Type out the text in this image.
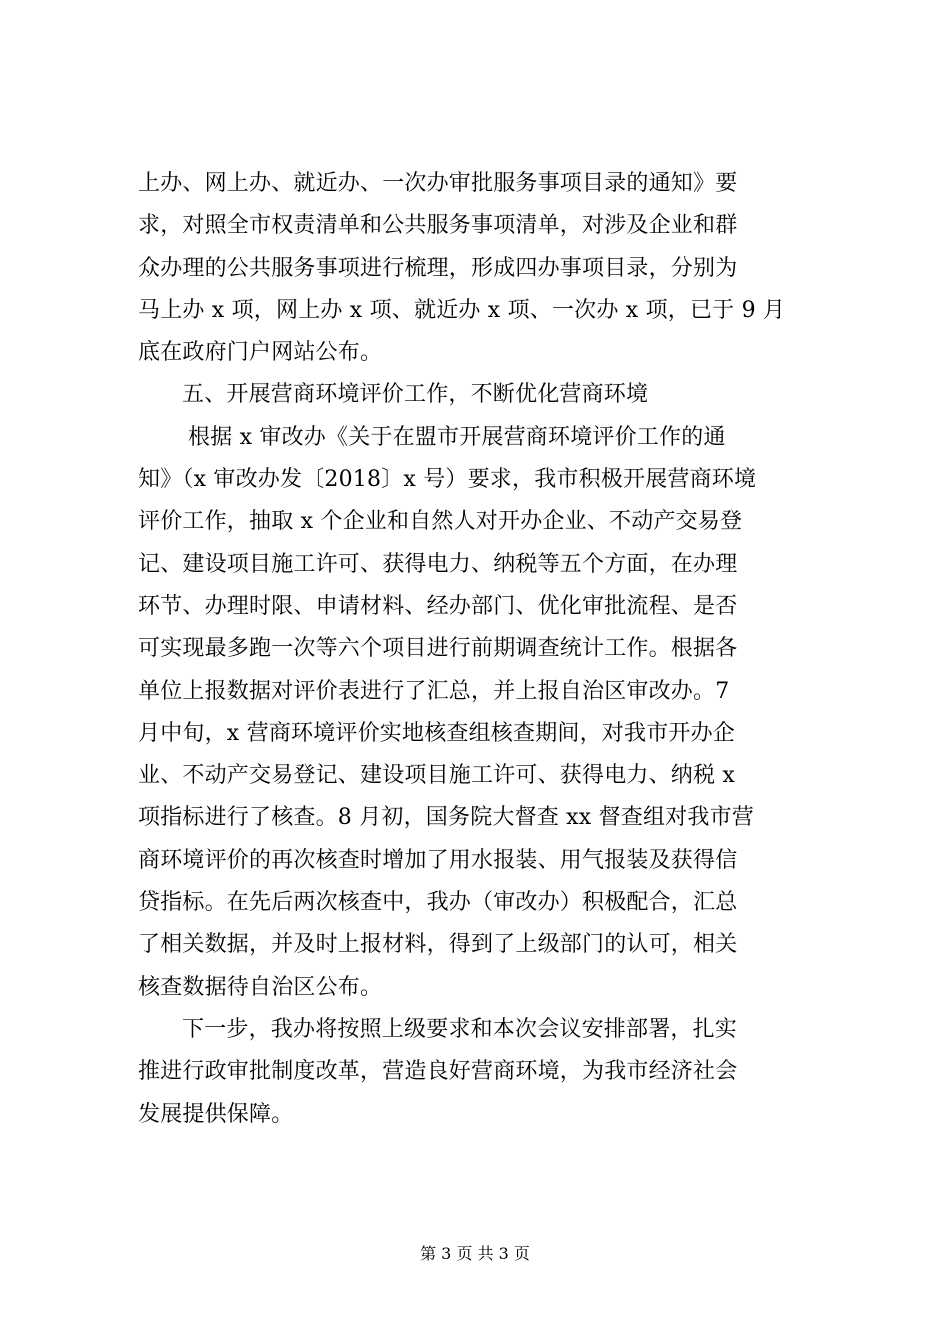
上办、网上办、就近办、一次办审批服务事项目录的通知》要
求，对照全市权责清单和公共服务事项清单，对涉及企业和群
众办理的公共服务事项进行梳理，形成四办事项目录，分别为
马上办 x 项，网上办 x 项、就近办 x 项、一次办 x 项，已于 9 月
底在政府门户网站公布。
五、开展营商环境评价工作，不断优化营商环境
根据 x 审改办《关于在盟市开展营商环境评价工作的通
知》（x 审改办发〔2018〕x 号）要求，我市积极开展营商环境
评价工作，抽取 x 个企业和自然人对开办企业、不动产交易登
记、建设项目施工许可、获得电力、纳税等五个方面，在办理
环节、办理时限、申请材料、经办部门、优化审批流程、是否
可实现最多跑一次等六个项目进行前期调查统计工作。根据各
单位上报数据对评价表进行了汇总，并上报自治区审改办。7
月中旬，x 营商环境评价实地核查组核查期间，对我市开办企
业、不动产交易登记、建设项目施工许可、获得电力、纳税 x
项指标进行了核查。8 月初，国务院大督查 xx 督查组对我市营
商环境评价的再次核查时增加了用水报装、用气报装及获得信
贷指标。在先后两次核查中，我办（审改办）积极配合，汇总
了相关数据，并及时上报材料，得到了上级部门的认可，相关
核查数据待自治区公布。
下一步，我办将按照上级要求和本次会议安排部署，扎实
推进行政审批制度改革，营造良好营商环境，为我市经济社会
发展提供保障。
第 3 页 共 3 页
